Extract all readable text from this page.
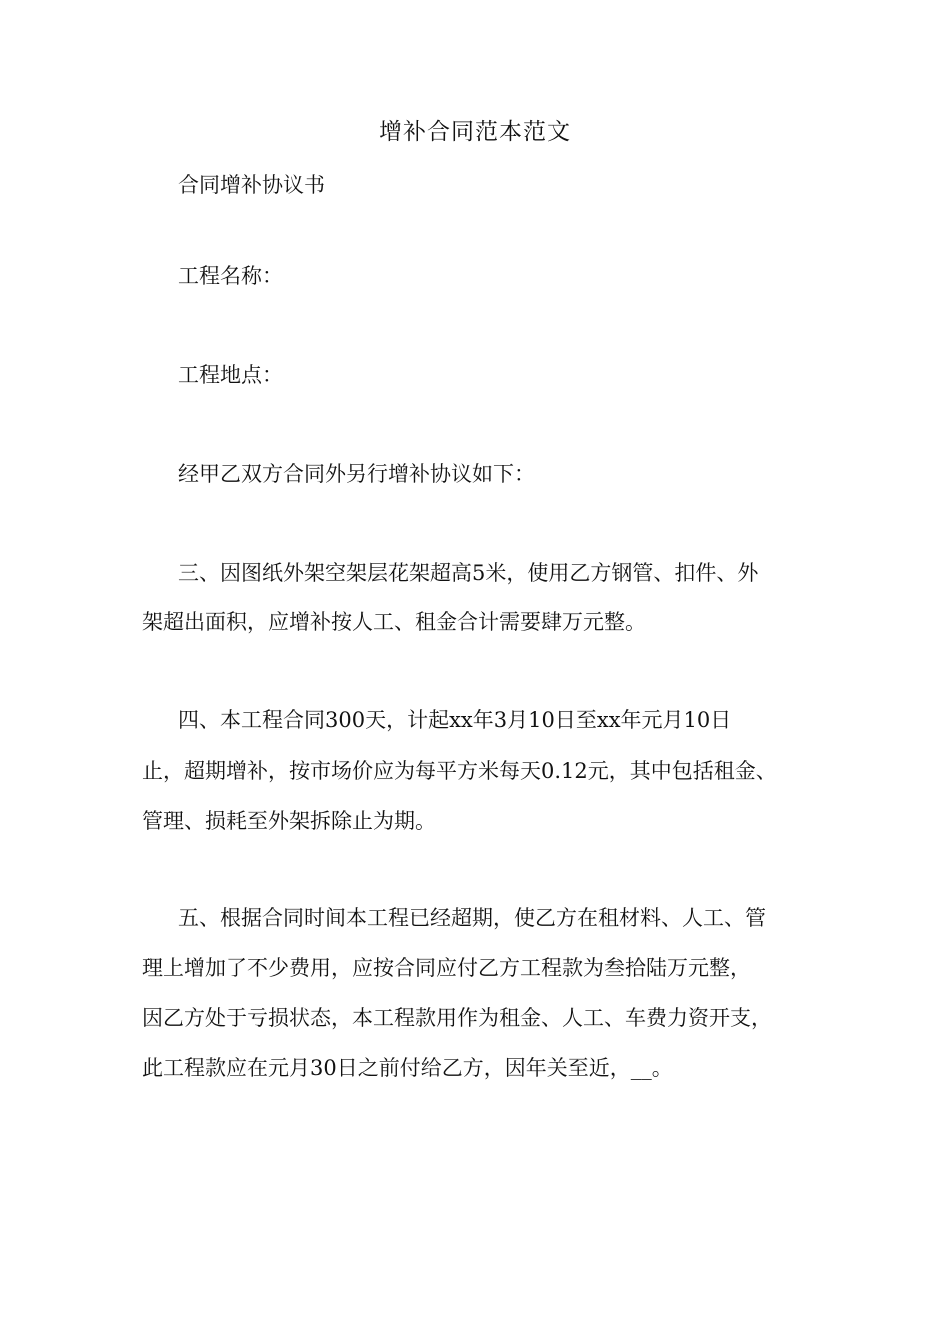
增补合同范本范文
合同增补协议书
工程名称：
工程地点：
经甲乙双方合同外另行增补协议如下：
三、因图纸外架空架层花架超高5米，使用乙方钢管、扣件、外
架超出面积，应增补按人工、租金合计需要肆万元整。
四、本工程合同300天，计起xx年3月10日至xx年元月10日
止，超期增补，按市场价应为每平方米每天0.12元，其中包括租金、
管理、损耗至外架拆除止为期。
五、根据合同时间本工程已经超期，使乙方在租材料、人工、管
理上增加了不少费用，应按合同应付乙方工程款为叁拾陆万元整，
因乙方处于亏损状态，本工程款用作为租金、人工、车费力资开支，
此工程款应在元月30日之前付给乙方，因年关至近，__。
